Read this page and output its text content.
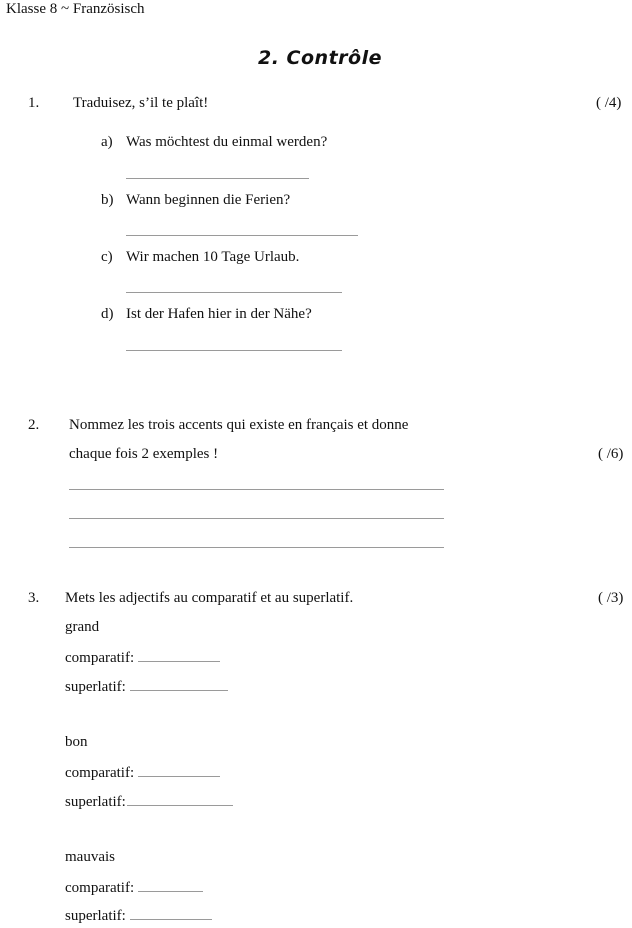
Klasse 8 ~ Französisch
2. Contrôle
1. Traduisez, s’il te plaît!	( /4)
a) Was möchtest du einmal werden?
b) Wann beginnen die Ferien?
c) Wir machen 10 Tage Urlaub.
d) Ist der Hafen hier in der Nähe?
2. Nommez les trois accents qui existe en français et donne
chaque fois 2 exemples !	( /6)
3. Mets les adjectifs au comparatif et au superlatif.	( /3)
grand
comparatif:
superlatif:
bon
comparatif:
superlatif:
mauvais
comparatif:
superlatif:
